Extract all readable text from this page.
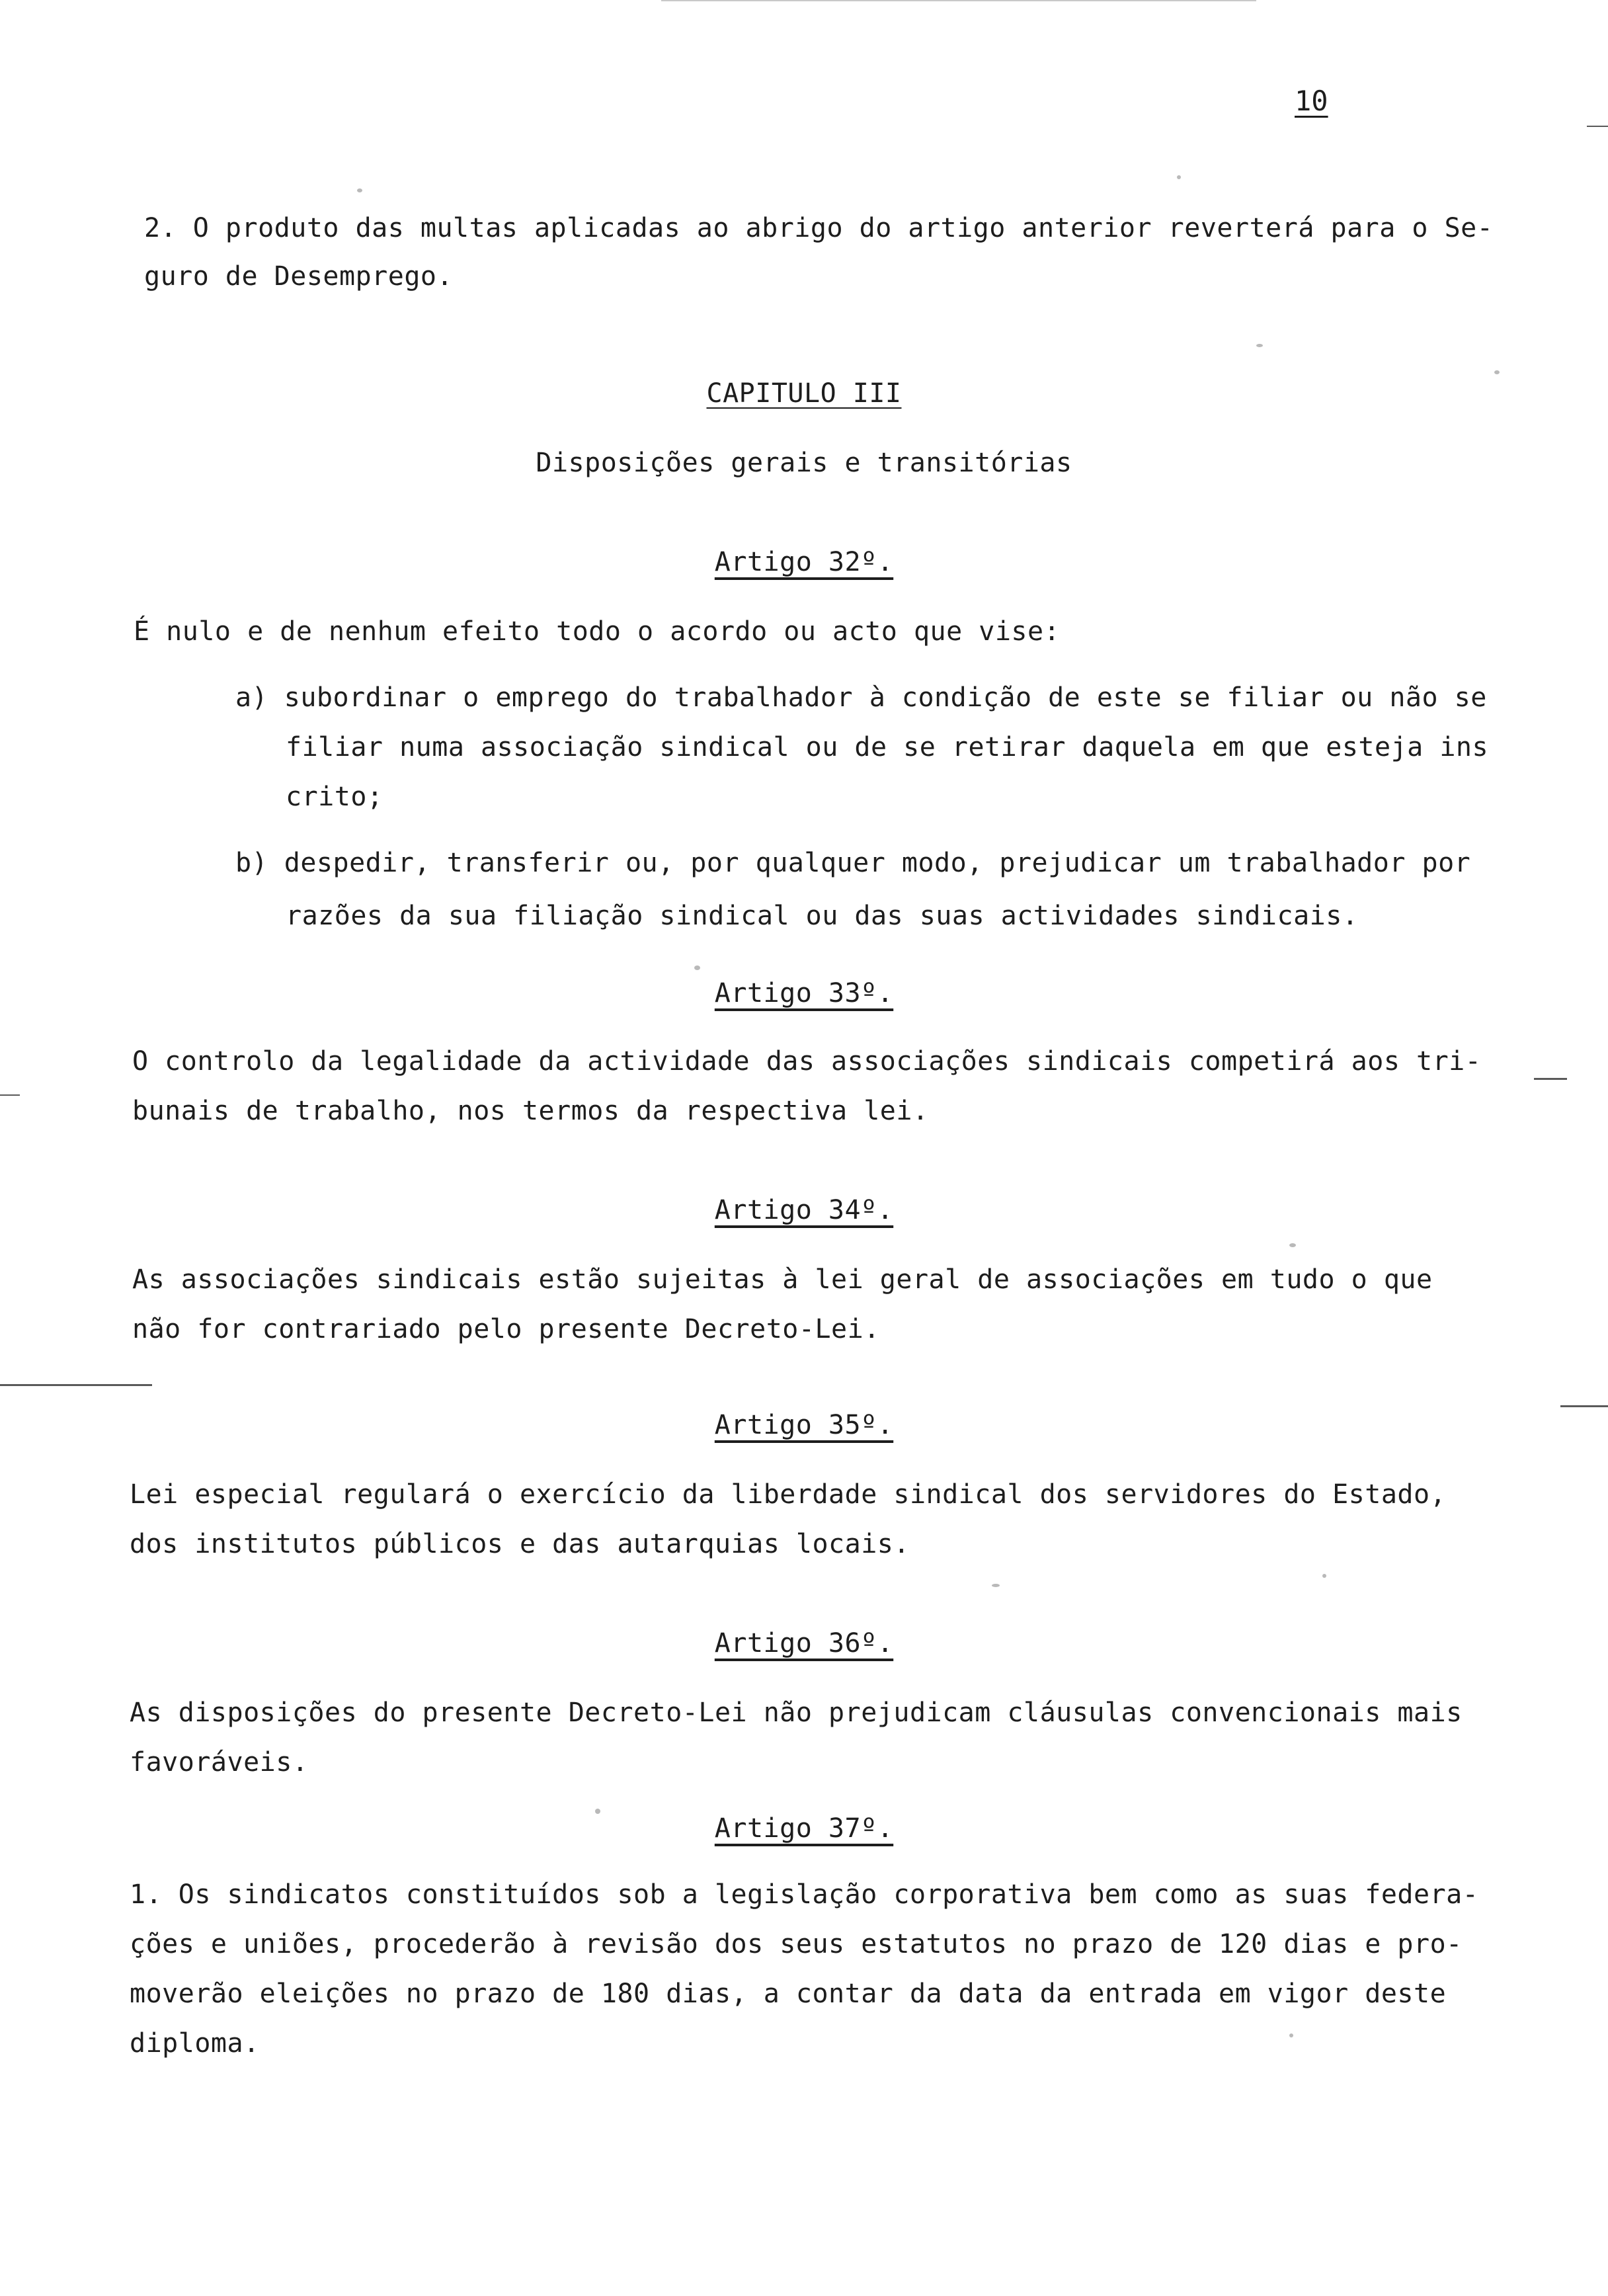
10
2. O produto das multas aplicadas ao abrigo do artigo anterior reverterá para o Se-
guro de Desemprego.
CAPITULO III
Disposições gerais e transitórias
Artigo 32º.
É nulo e de nenhum efeito todo o acordo ou acto que vise:
a) subordinar o emprego do trabalhador à condição de este se filiar ou não se
filiar numa associação sindical ou de se retirar daquela em que esteja ins
crito;
b) despedir, transferir ou, por qualquer modo, prejudicar um trabalhador por
razões da sua filiação sindical ou das suas actividades sindicais.
Artigo 33º.
O controlo da legalidade da actividade das associações sindicais competirá aos tri-
bunais de trabalho, nos termos da respectiva lei.
Artigo 34º.
As associações sindicais estão sujeitas à lei geral de associações em tudo o que
não for contrariado pelo presente Decreto-Lei.
Artigo 35º.
Lei especial regulará o exercício da liberdade sindical dos servidores do Estado,
dos institutos públicos e das autarquias locais.
Artigo 36º.
As disposições do presente Decreto-Lei não prejudicam cláusulas convencionais mais
favoráveis.
Artigo 37º.
1. Os sindicatos constituídos sob a legislação corporativa bem como as suas federa-
ções e uniões, procederão à revisão dos seus estatutos no prazo de 120 dias e pro-
moverão eleições no prazo de 180 dias, a contar da data da entrada em vigor deste
diploma.
